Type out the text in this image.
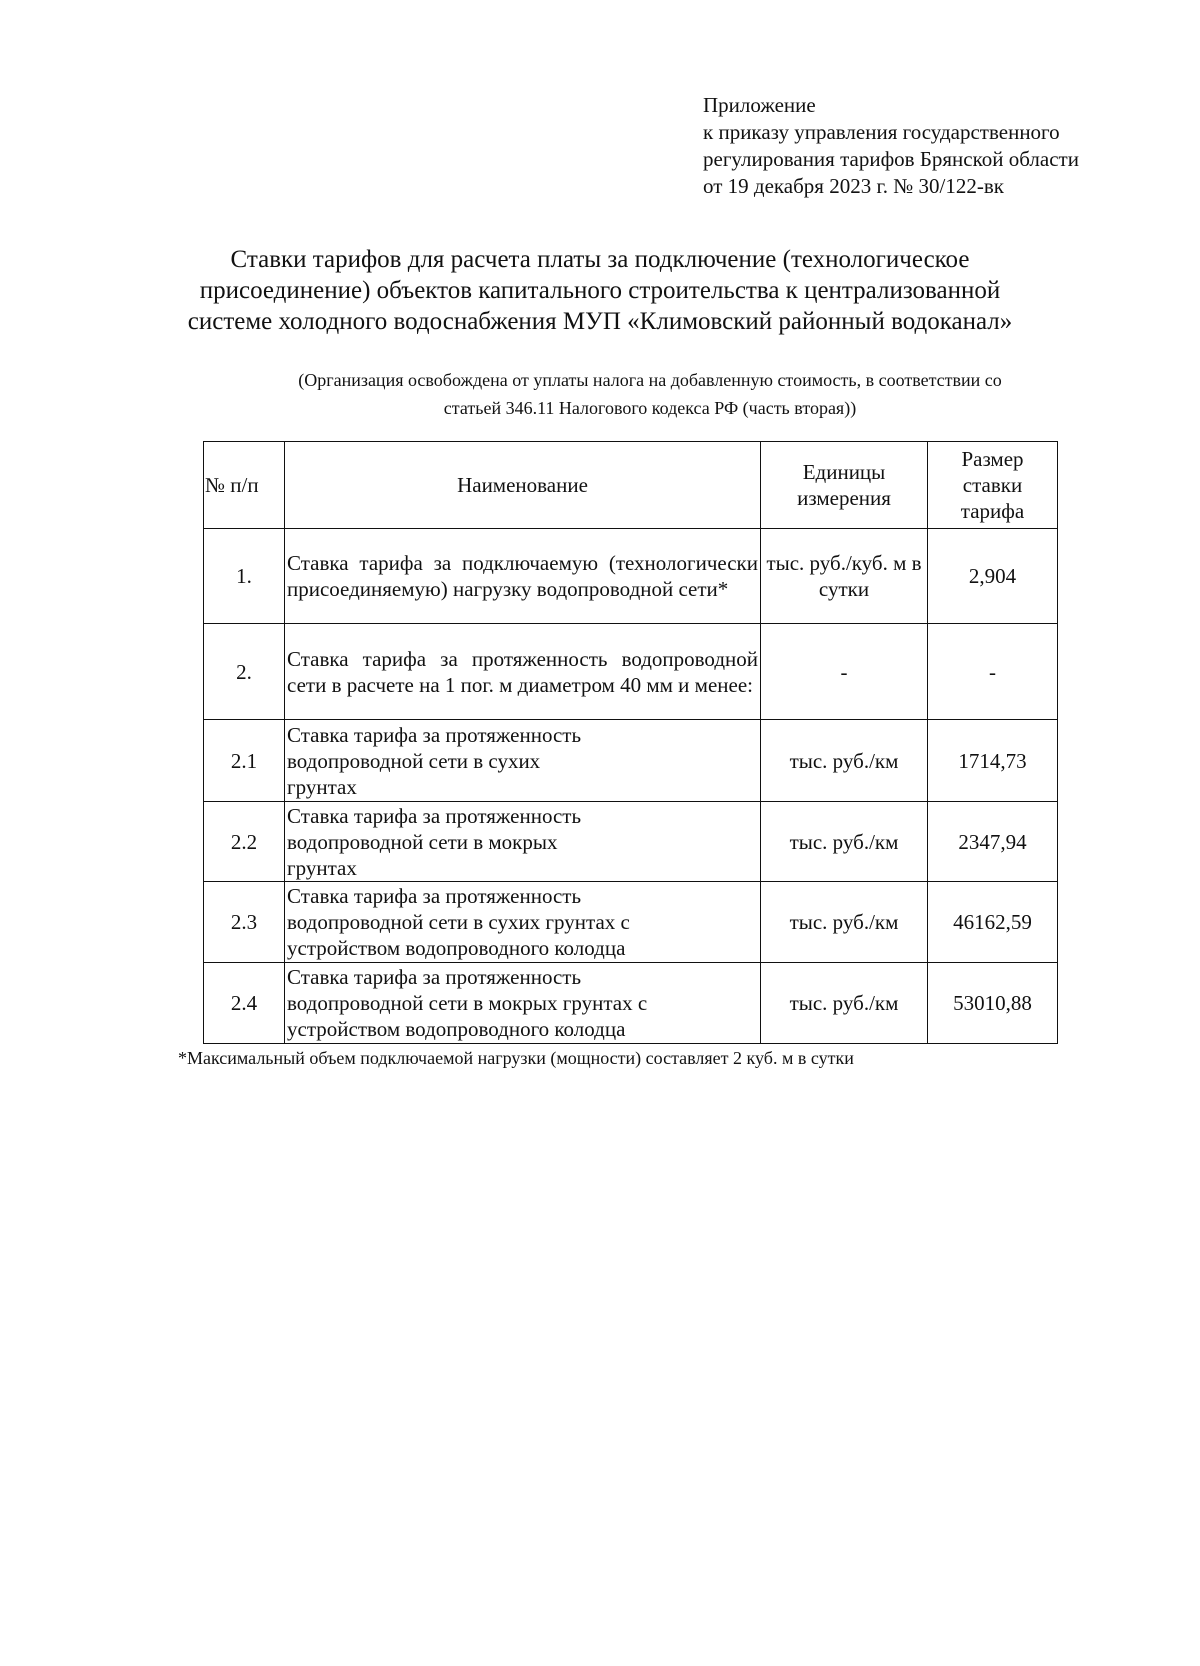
Приложение
к приказу управления государственного
регулирования тарифов Брянской области
от 19 декабря 2023 г. № 30/122-вк
Ставки тарифов для расчета платы за подключение (технологическое
присоединение) объектов капитального строительства к централизованной
системе холодного водоснабжения МУП «Климовский районный водоканал»
(Организация освобождена от уплаты налога на добавленную стоимость, в соответствии со
статьей 346.11 Налогового кодекса РФ (часть вторая))
№ п/п	Наименование	Единицы измерения	Размер ставки тарифа
1.	Ставка тарифа за подключаемую (технологически присоединяемую) нагрузку водопроводной сети*	тыс. руб./куб. м в сутки	2,904
2.	Ставка тарифа за протяженность водопроводной сети в расчете на 1 пог. м диаметром 40 мм и менее:	-	-
2.1	Ставка тарифа за протяженность водопроводной сети в сухих грунтах	тыс. руб./км	1714,73
2.2	Ставка тарифа за протяженность водопроводной сети в мокрых грунтах	тыс. руб./км	2347,94
2.3	Ставка тарифа за протяженность водопроводной сети в сухих грунтах с устройством водопроводного колодца	тыс. руб./км	46162,59
2.4	Ставка тарифа за протяженность водопроводной сети в мокрых грунтах с устройством водопроводного колодца	тыс. руб./км	53010,88
*Максимальный объем подключаемой нагрузки (мощности) составляет 2 куб. м в сутки
